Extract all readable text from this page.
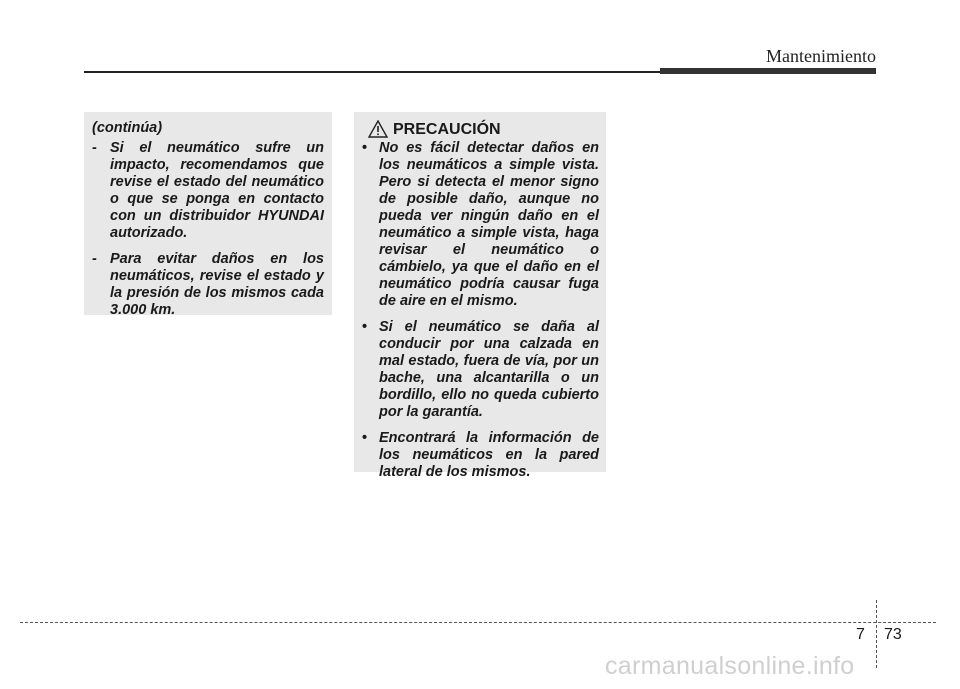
Mantenimiento
(continúa)
- Si el neumático sufre un impacto, recomendamos que revise el estado del neumático o que se ponga en contacto con un distribuidor HYUNDAI autorizado.
- Para evitar daños en los neumáticos, revise el estado y la presión de los mismos cada 3.000 km.
PRECAUCIÓN
• No es fácil detectar daños en los neumáticos a simple vista. Pero si detecta el menor signo de posible daño, aunque no pueda ver ningún daño en el neumático a simple vista, haga revisar el neumático o cámbielo, ya que el daño en el neumático podría causar fuga de aire en el mismo.
• Si el neumático se daña al conducir por una calzada en mal estado, fuera de vía, por un bache, una alcantarilla o un bordillo, ello no queda cubierto por la garantía.
• Encontrará la información de los neumáticos en la pared lateral de los mismos.
7 73
carmanualsonline.info
